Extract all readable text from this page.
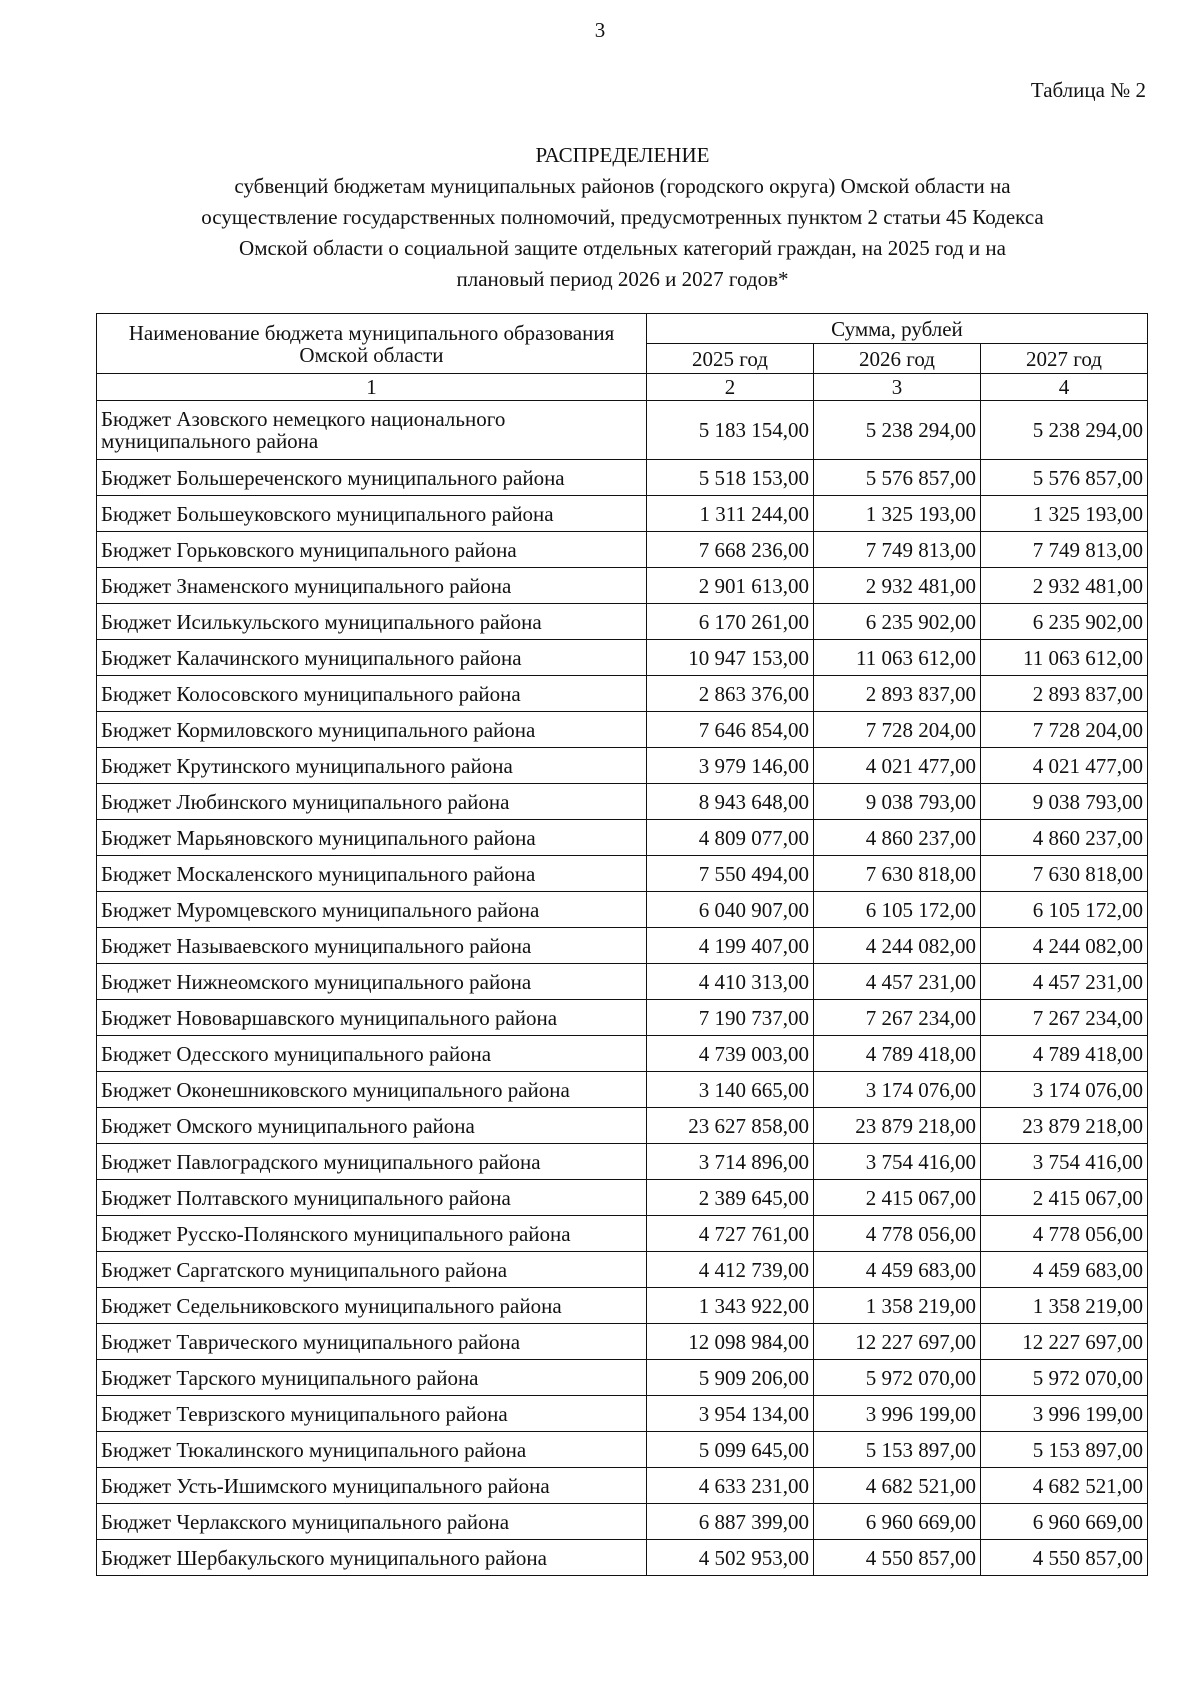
3
Таблица № 2
РАСПРЕДЕЛЕНИЕ
субвенций бюджетам муниципальных районов (городского округа) Омской области на осуществление государственных полномочий, предусмотренных пунктом 2 статьи 45 Кодекса Омской области о социальной защите отдельных категорий граждан, на 2025 год и на плановый период 2026 и 2027 годов*
Наименование бюджета муниципального образования Омской области	Сумма, рублей		
	2025 год	2026 год	2027 год
1	2	3	4
Бюджет Азовского немецкого национального муниципального района	5 183 154,00	5 238 294,00	5 238 294,00
Бюджет Большереченского муниципального района	5 518 153,00	5 576 857,00	5 576 857,00
Бюджет Большеуковского муниципального района	1 311 244,00	1 325 193,00	1 325 193,00
Бюджет Горьковского муниципального района	7 668 236,00	7 749 813,00	7 749 813,00
Бюджет Знаменского муниципального района	2 901 613,00	2 932 481,00	2 932 481,00
Бюджет Исилькульского муниципального района	6 170 261,00	6 235 902,00	6 235 902,00
Бюджет Калачинского муниципального района	10 947 153,00	11 063 612,00	11 063 612,00
Бюджет Колосовского муниципального района	2 863 376,00	2 893 837,00	2 893 837,00
Бюджет Кормиловского муниципального района	7 646 854,00	7 728 204,00	7 728 204,00
Бюджет Крутинского муниципального района	3 979 146,00	4 021 477,00	4 021 477,00
Бюджет Любинского муниципального района	8 943 648,00	9 038 793,00	9 038 793,00
Бюджет Марьяновского муниципального района	4 809 077,00	4 860 237,00	4 860 237,00
Бюджет Москаленского муниципального района	7 550 494,00	7 630 818,00	7 630 818,00
Бюджет Муромцевского муниципального района	6 040 907,00	6 105 172,00	6 105 172,00
Бюджет Называевского муниципального района	4 199 407,00	4 244 082,00	4 244 082,00
Бюджет Нижнеомского муниципального района	4 410 313,00	4 457 231,00	4 457 231,00
Бюджет Нововаршавского муниципального района	7 190 737,00	7 267 234,00	7 267 234,00
Бюджет Одесского муниципального района	4 739 003,00	4 789 418,00	4 789 418,00
Бюджет Оконешниковского муниципального района	3 140 665,00	3 174 076,00	3 174 076,00
Бюджет Омского муниципального района	23 627 858,00	23 879 218,00	23 879 218,00
Бюджет Павлоградского муниципального района	3 714 896,00	3 754 416,00	3 754 416,00
Бюджет Полтавского муниципального района	2 389 645,00	2 415 067,00	2 415 067,00
Бюджет Русско-Полянского муниципального района	4 727 761,00	4 778 056,00	4 778 056,00
Бюджет Саргатского муниципального района	4 412 739,00	4 459 683,00	4 459 683,00
Бюджет Седельниковского муниципального района	1 343 922,00	1 358 219,00	1 358 219,00
Бюджет Таврического муниципального района	12 098 984,00	12 227 697,00	12 227 697,00
Бюджет Тарского муниципального района	5 909 206,00	5 972 070,00	5 972 070,00
Бюджет Тевризского муниципального района	3 954 134,00	3 996 199,00	3 996 199,00
Бюджет Тюкалинского муниципального района	5 099 645,00	5 153 897,00	5 153 897,00
Бюджет Усть-Ишимского муниципального района	4 633 231,00	4 682 521,00	4 682 521,00
Бюджет Черлакского муниципального района	6 887 399,00	6 960 669,00	6 960 669,00
Бюджет Шербакульского муниципального района	4 502 953,00	4 550 857,00	4 550 857,00
